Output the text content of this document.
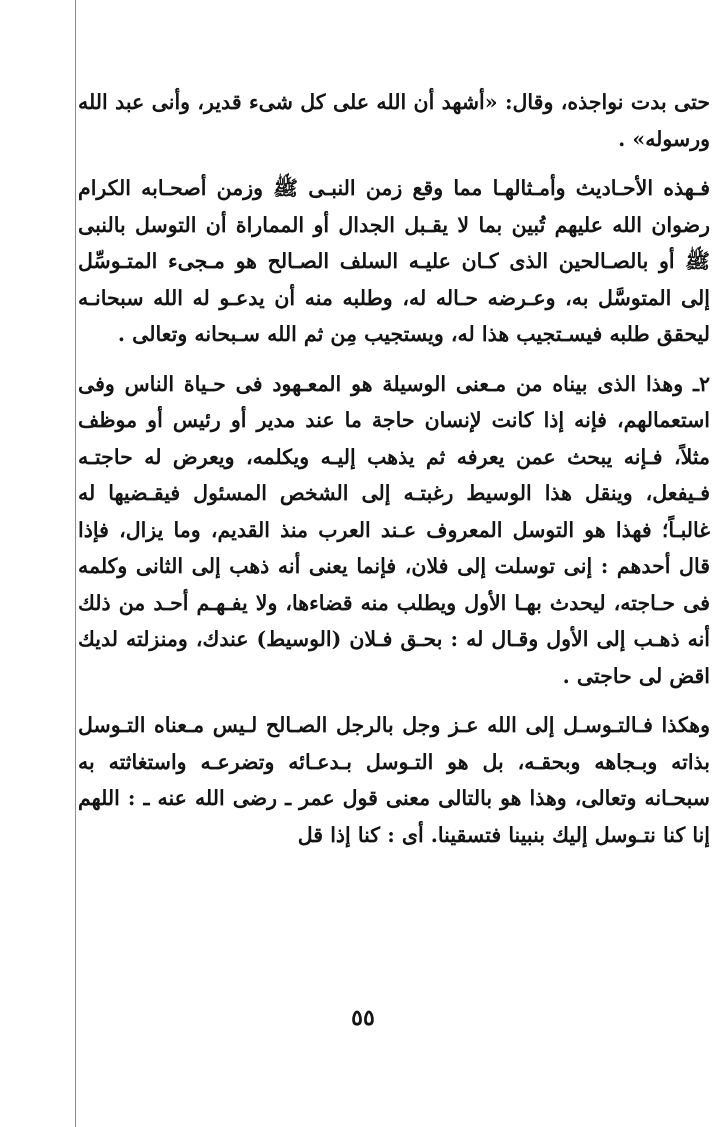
حتى بدت نواجذه، وقال: «أشهد أن الله على كل شىء قدير، وأنى عبد الله ورسوله» .

فـهذه الأحـاديث وأمـثالهـا مما وقع زمن النبـى ﷺ وزمن أصحـابه الكرام رضوان الله عليهم تُبين بما لا يقـبل الجدال أو المماراة أن التوسل بالنبى ﷺ أو بالصـالحين الذى كـان عليـه السلف الصـالح هو مـجىء المتـوسِّل إلى المتوسَّل به، وعـرضه حـاله له، وطلبه منه أن يدعـو له الله سبحانـه ليحقق طلبه فيسـتجيب هذا له، ويستجيب مِن ثم الله سـبحانه وتعالى .

٢ـ وهذا الذى بيناه من مـعنى الوسيلة هو المعـهود فى حـياة الناس وفى استعمالهم، فإنه إذا كانت لإنسان حاجة ما عند مدير أو رئيس أو موظف مثلاً، فـإنه يبحث عمن يعرفه ثم يذهب إليـه ويكلمه، ويعرض له حاجتـه فـيفعل، وينقل هذا الوسيط رغبتـه إلى الشخص المسئول فيقـضيها له غالبـاً؛ فهذا هو التوسل المعروف عـند العرب منذ القديم، وما يزال، فإذا قال أحدهم : إنى توسلت إلى فلان، فإنما يعنى أنه ذهب إلى الثانى وكلمه فى حـاجته، ليحدث بهـا الأول ويطلب منه قضاءها، ولا يفـهـم أحـد من ذلك أنه ذهـب إلى الأول وقـال له : بحـق فـلان (الوسيط) عندك، ومنزلته لديك اقض لى حاجتى .

وهكذا فـالتـوسـل إلى الله عـز وجل بالرجل الصـالح لـيس مـعناه التـوسل بذاته وبـجاهه وبحقـه، بل هو التـوسل بـدعـائه وتضرعـه واستغاثته به سبحـانه وتعالى، وهذا هو بالتالى معنى قول عمر ـ رضى الله عنه ـ : اللهم إنا كنا نتـوسل إليك بنبينا فتسقينا. أى : كنا إذا قل

٥٥
